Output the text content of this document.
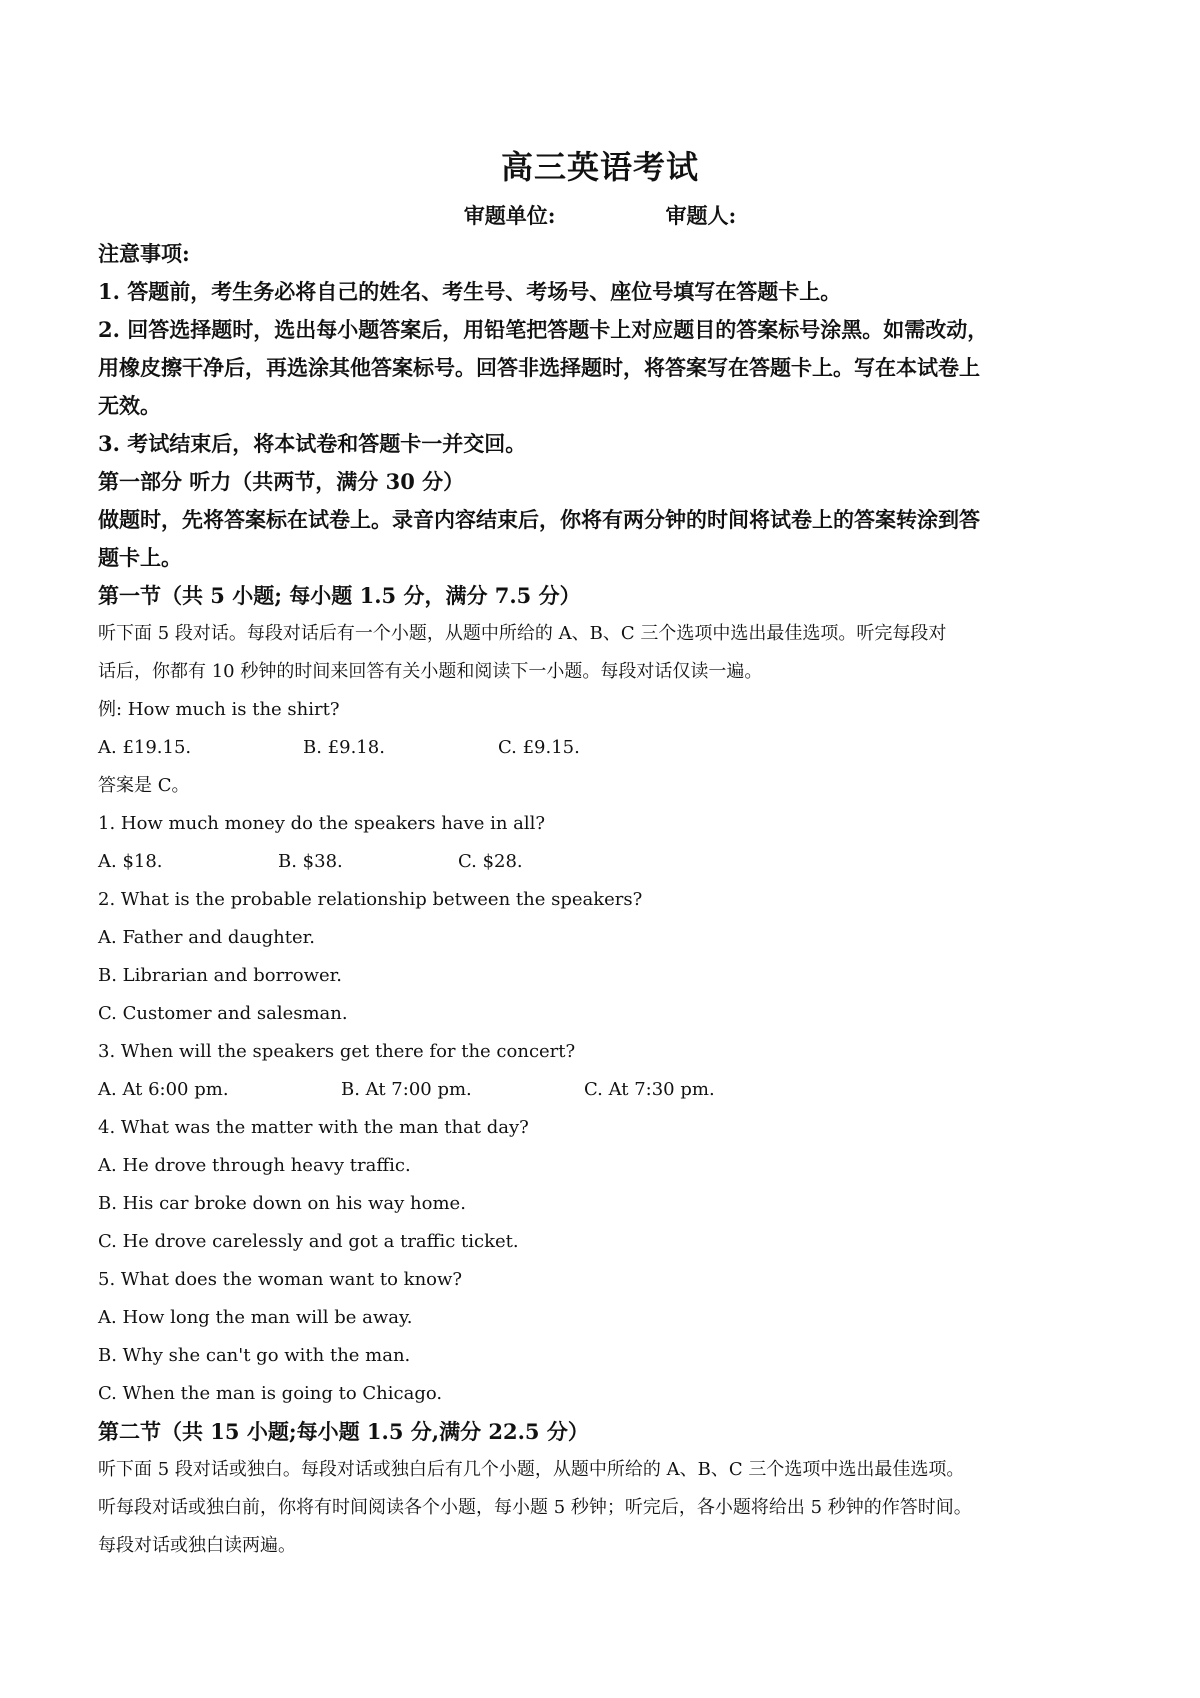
高三英语考试
审题单位:	审题人:

注意事项:

1. 答题前，考生务必将自己的姓名、考生号、考场号、座位号填写在答题卡上。

2. 回答选择题时，选出每小题答案后，用铅笔把答题卡上对应题目的答案标号涂黑。如需改动，

用橡皮擦干净后，再选涂其他答案标号。回答非选择题时，将答案写在答题卡上。写在本试卷上

无效。

3. 考试结束后，将本试卷和答题卡一并交回。

第一部分 听力（共两节，满分 30 分）

做题时，先将答案标在试卷上。录音内容结束后，你将有两分钟的时间将试卷上的答案转涂到答

题卡上。

第一节（共 5 小题; 每小题 1.5 分，满分 7.5 分）

听下面 5 段对话。每段对话后有一个小题，从题中所给的 A、B、C 三个选项中选出最佳选项。听完每段对

话后，你都有 10 秒钟的时间来回答有关小题和阅读下一小题。每段对话仅读一遍。

例: How much is the shirt?

A. £19.15.	B. £9.18.	C. £9.15.

答案是 C。

1. How much money do the speakers have in all?

A. $18.	B. $38.	C. $28.

2. What is the probable relationship between the speakers?

A. Father and daughter.

B. Librarian and borrower.

C. Customer and salesman.

3. When will the speakers get there for the concert?

A. At 6:00 pm.	B. At 7:00 pm.	C. At 7:30 pm.

4. What was the matter with the man that day?

A. He drove through heavy traffic.

B. His car broke down on his way home.

C. He drove carelessly and got a traffic ticket.

5. What does the woman want to know?

A. How long the man will be away.

B. Why she can't go with the man.

C. When the man is going to Chicago.

第二节（共 15 小题;每小题 1.5 分,满分 22.5 分）

听下面 5 段对话或独白。每段对话或独白后有几个小题，从题中所给的 A、B、C 三个选项中选出最佳选项。

听每段对话或独白前，你将有时间阅读各个小题，每小题 5 秒钟；听完后，各小题将给出 5 秒钟的作答时间。

每段对话或独白读两遍。
